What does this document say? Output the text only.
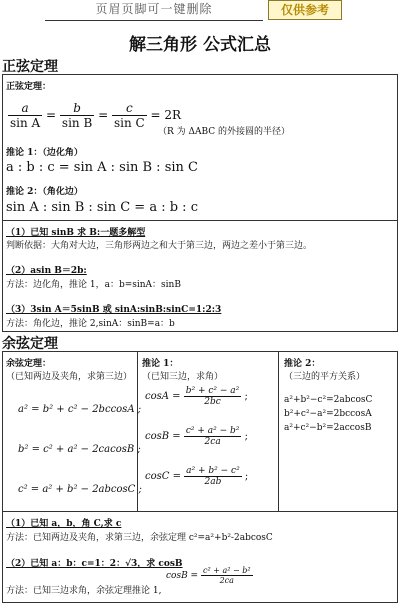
页眉页脚可一键删除	仅供参考
解三角形 公式汇总
正弦定理
正弦定理：
$\frac{a}{\text{sin A}} = \frac{b}{\text{sin B}} = \frac{c}{\text{sin C}} = 2R$
（R 为 ΔABC 的外接圆的半径）
推论 1：（边化角）
a : b : c = sin A : sin B : sin C
推论 2：（角化边）
sin A : sin B : sin C = a : b : c
（1）已知 sinB 求 B:一题多解型
判断依据：大角对大边，三角形两边之和大于第三边，两边之差小于第三边。
（2）asin B＝2b:
方法：边化角，推论 1，a：b=sinA：sinB
（3）3sin A＝5sinB 或 sinA:sinB:sinC=1:2:3
方法：角化边，推论 2,sinA：sinB=a：b
余弦定理
余弦定理：
（已知两边及夹角，求第三边）
a² = b² + c² − 2bccosA ;
b² = c² + a² − 2cacosB ;
c² = a² + b² − 2abcosC ;
推论 1：
（已知三边，求角）
$\cos A = \frac{\text{b² + c² − a²}}{2bc}$ ;
$\cos B = \frac{\text{c² + a² − b²}}{2ca}$ ;
$\cos C = \frac{\text{a² + b² − c²}}{2ab}$ ;
推论 2：
（三边的平方关系）
a²+b²−c²=2abcosC
b²+c²−a²=2bccosA
a²+c²−b²=2accosB
（1）已知 a，b，角 C,求 c
方法：已知两边及夹角，求第三边，余弦定理 c²=a²+b²-2abcosC
（2）已知 a：b：c=1：2：√3，求 cosB
方法：已知三边求角，余弦定理推论 1,
$\cos B = \frac{\text{c² + a² − b²}}{2ca}$
